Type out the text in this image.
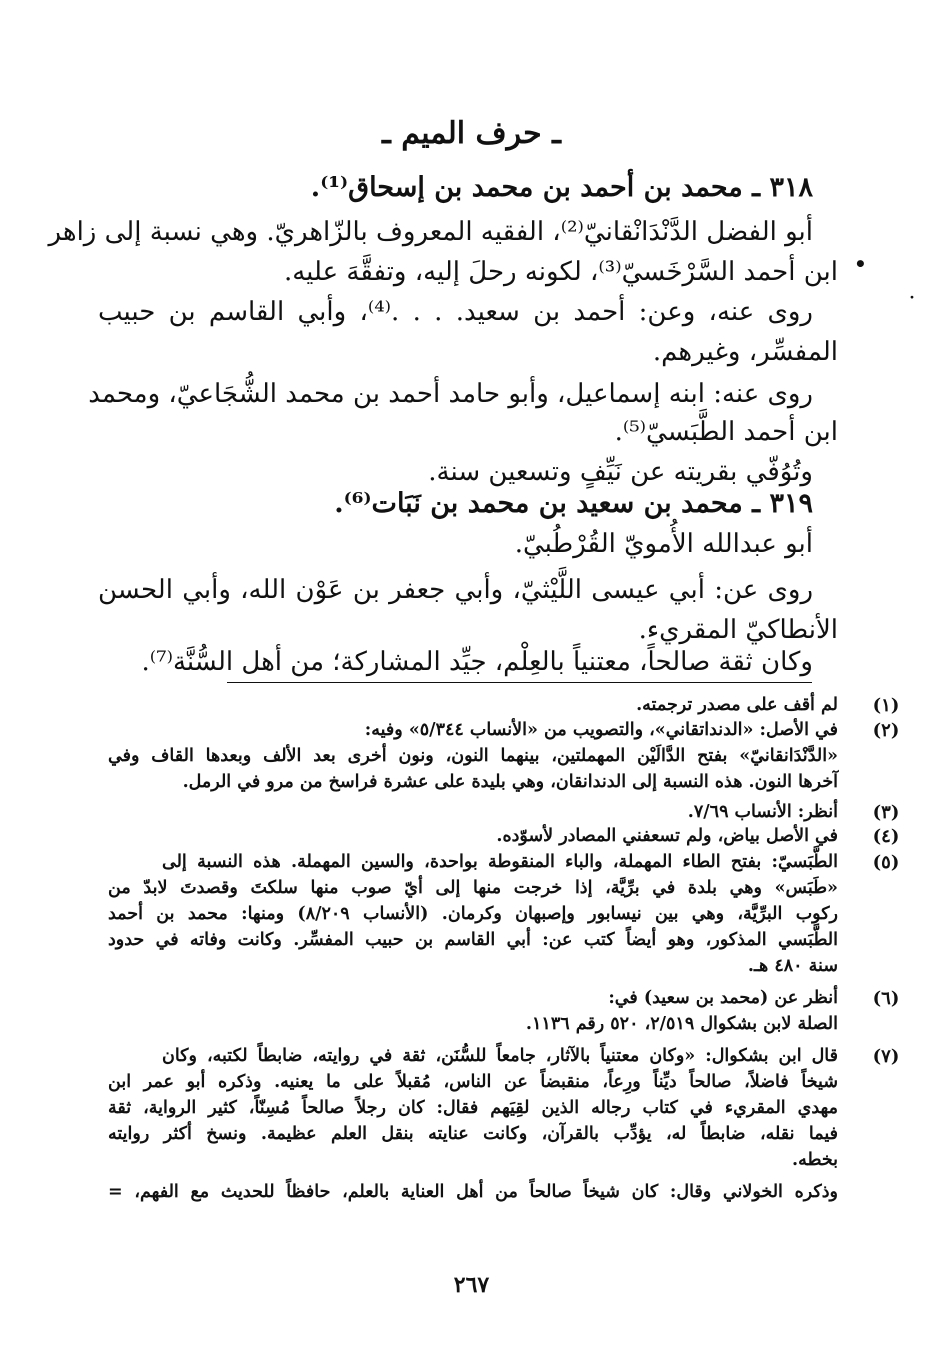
ـ حرف الميم ـ
٣١٨ ـ محمد بن أحمد بن محمد بن إسحاق⁽¹⁾.
أبو الفضل الدَّنْدَانْقانيّ⁽²⁾، الفقيه المعروف بالزّاهريّ. وهي نسبة إلى زاهر
ابن أحمد السَّرْخَسيّ⁽³⁾، لكونه رحلَ إليه، وتفقَّهَ عليه.
روى عنه، وعن: أحمد بن سعيد. . . .⁽⁴⁾، وأبي القاسم بن حبيب
المفسِّر، وغيرهم.
روى عنه: ابنه إسماعيل، وأبو حامد أحمد بن محمد الشُّجَاعيّ، ومحمد
ابن أحمد الطَّبَسيّ⁽⁵⁾.
وتُوُفّي بقريته عن نَيِّفٍ وتسعين سنة.
٣١٩ ـ محمد بن سعيد بن محمد بن نَبَات⁽⁶⁾.
أبو عبدالله الأُمويّ القُرْطُبيّ.
روى عن: أبي عيسى اللَّيْثيّ، وأبي جعفر بن عَوْن الله، وأبي الحسن
الأنطاكيّ المقريء.
وكان ثقة صالحاً، معتنياً بالعِلْم، جيِّد المشاركة؛ من أهل السُّنَّة⁽⁷⁾.
(١)
لم أقف على مصدر ترجمته.
(٢)
في الأصل: «الدنداتقاني»، والتصويب من «الأنساب ٥/٣٤٤» وفيه:
«الدَّنْدَانقانيّ» بفتح الدَّالَيْن المهملتين، بينهما النون، ونون أخرى بعد الألف وبعدها القاف وفي
آخرها النون. هذه النسبة إلى الدندانقان، وهي بليدة على عشرة فراسخ من مرو في الرمل.
(٣)
أنظر: الأنساب ٧/٦٩.
(٤)
في الأصل بياض، ولم تسعفني المصادر لأسوّده.
(٥)
الطَّبَسيّ: بفتح الطاء المهملة، والباء المنقوطة بواحدة، والسين المهملة. هذه النسبة إلى
«طَبَس» وهي بلدة في برِّيَّة، إذا خرجت منها إلى أيّ صوب منها سلكتَ وقصدتَ لابدّ من
ركوب البرِّيَّة، وهي بين نيسابور وإصبهان وكرمان. (الأنساب ٨/٢٠٩) ومنها: محمد بن أحمد
الطَّبَسي المذكور، وهو أيضاً كتب عن: أبي القاسم بن حبيب المفسِّر. وكانت وفاته في حدود
سنة ٤٨٠ هـ.
(٦)
أنظر عن (محمد بن سعيد) في:
الصلة لابن بشكوال ٢/٥١٩، ٥٢٠ رقم ١١٣٦.
(٧)
قال ابن بشكوال: «وكان معتنياً بالآثار، جامعاً للسُّنَن، ثقة في روايته، ضابطاً لكتبه، وكان
شيخاً فاضلاً، صالحاً ديِّناً ورِعاً، منقبضاً عن الناس، مُقبلاً على ما يعنيه. وذكره أبو عمر ابن
مهدي المقريء في كتاب رجاله الذين لقِيَهم فقال: كان رجلاً صالحاً مُسِنّاً، كثير الرواية، ثقة
فيما نقله، ضابطاً له، يؤدِّب بالقرآن، وكانت عنايته بنقل العلم عظيمة. ونسخ أكثر روايته
بخطه.
وذكره الخولاني وقال: كان شيخاً صالحاً من أهل العناية بالعلم، حافظاً للحديث مع الفهم، =
٢٦٧
•
˙
